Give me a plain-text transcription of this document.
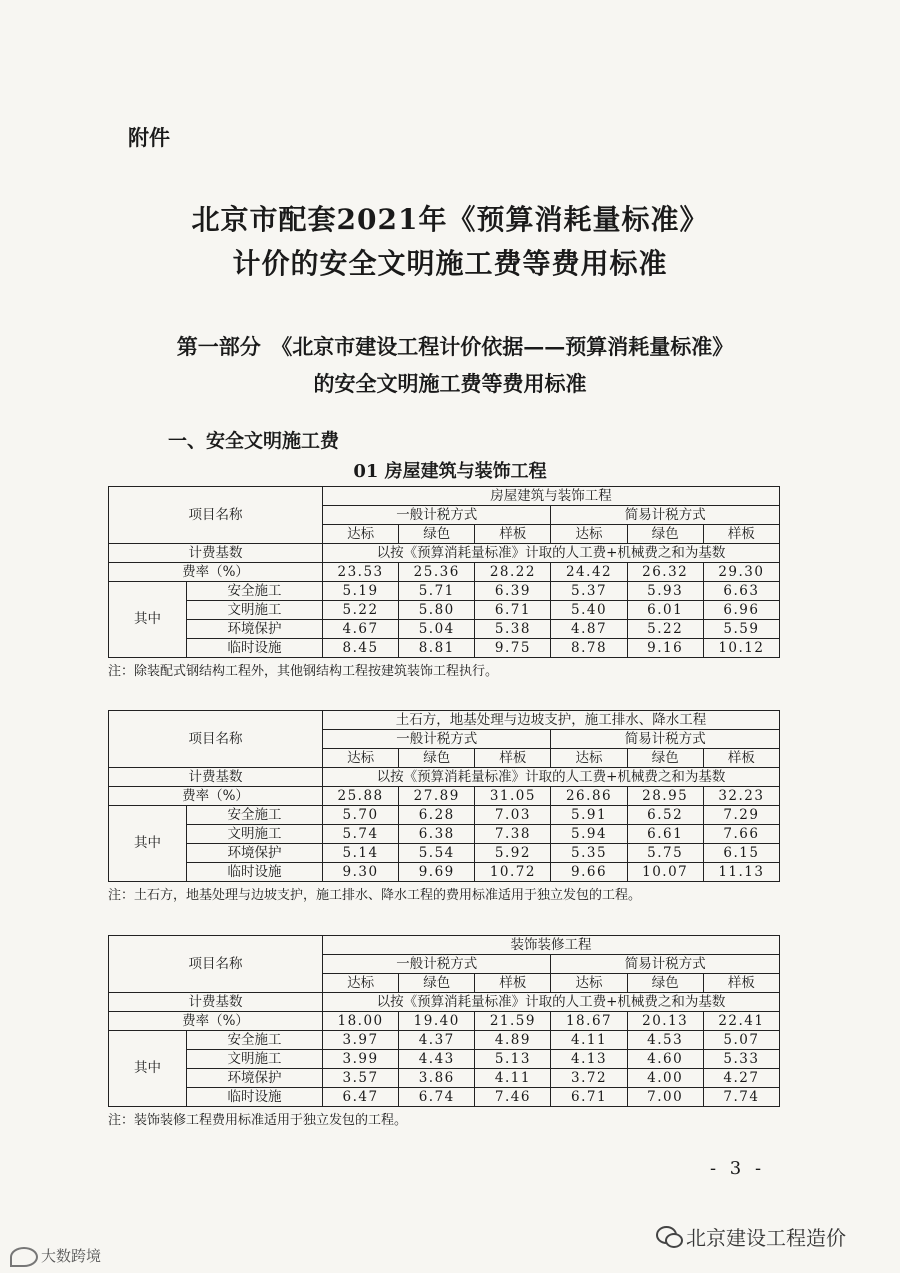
附件
北京市配套2021年《预算消耗量标准》
计价的安全文明施工费等费用标准
第一部分　《北京市建设工程计价依据——预算消耗量标准》
的安全文明施工费等费用标准
一、安全文明施工费
01 房屋建筑与装饰工程
项目名称		房屋建筑与装饰工程					
		一般计税方式			简易计税方式		
		达标	绿色	样板	达标	绿色	样板
计费基数		以按《预算消耗量标准》计取的人工费+机械费之和为基数					
费率（%）		23.53	25.36	28.22	24.42	26.32	29.30
其中	安全施工	5.19	5.71	6.39	5.37	5.93	6.63
	文明施工	5.22	5.80	6.71	5.40	6.01	6.96
	环境保护	4.67	5.04	5.38	4.87	5.22	5.59
	临时设施	8.45	8.81	9.75	8.78	9.16	10.12
注：除装配式钢结构工程外，其他钢结构工程按建筑装饰工程执行。
项目名称		土石方，地基处理与边坡支护，施工排水、降水工程					
		一般计税方式			简易计税方式		
		达标	绿色	样板	达标	绿色	样板
计费基数		以按《预算消耗量标准》计取的人工费+机械费之和为基数					
费率（%）		25.88	27.89	31.05	26.86	28.95	32.23
其中	安全施工	5.70	6.28	7.03	5.91	6.52	7.29
	文明施工	5.74	6.38	7.38	5.94	6.61	7.66
	环境保护	5.14	5.54	5.92	5.35	5.75	6.15
	临时设施	9.30	9.69	10.72	9.66	10.07	11.13
注：土石方，地基处理与边坡支护，施工排水、降水工程的费用标准适用于独立发包的工程。
项目名称		装饰装修工程					
		一般计税方式			简易计税方式		
		达标	绿色	样板	达标	绿色	样板
计费基数		以按《预算消耗量标准》计取的人工费+机械费之和为基数					
费率（%）		18.00	19.40	21.59	18.67	20.13	22.41
其中	安全施工	3.97	4.37	4.89	4.11	4.53	5.07
	文明施工	3.99	4.43	5.13	4.13	4.60	5.33
	环境保护	3.57	3.86	4.11	3.72	4.00	4.27
	临时设施	6.47	6.74	7.46	6.71	7.00	7.74
注：装饰装修工程费用标准适用于独立发包的工程。
- 3 -
大数跨境
北京建设工程造价
